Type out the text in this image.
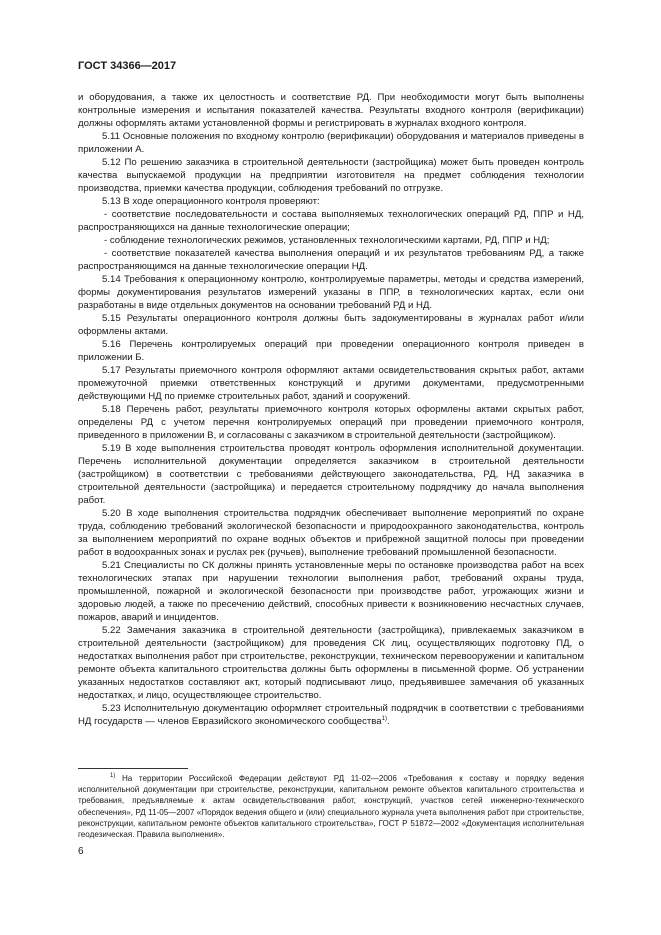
ГОСТ 34366—2017

и оборудования, а также их целостность и соответствие РД. При необходимости могут быть выполнены контрольные измерения и испытания показателей качества. Результаты входного контроля (верификации) должны оформлять актами установленной формы и регистрировать в журналах входного контроля.

5.11 Основные положения по входному контролю (верификации) оборудования и материалов приведены в приложении А.

5.12 По решению заказчика в строительной деятельности (застройщика) может быть проведен контроль качества выпускаемой продукции на предприятии изготовителя на предмет соблюдения технологии производства, приемки качества продукции, соблюдения требований по отгрузке.

5.13 В ходе операционного контроля проверяют:

- соответствие последовательности и состава выполняемых технологических операций РД, ППР и НД, распространяющихся на данные технологические операции;

- соблюдение технологических режимов, установленных технологическими картами, РД, ППР и НД;

- соответствие показателей качества выполнения операций и их результатов требованиям РД, а также распространяющимся на данные технологические операции НД.

5.14 Требования к операционному контролю, контролируемые параметры, методы и средства измерений, формы документирования результатов измерений указаны в ППР, в технологических картах, если они разработаны в виде отдельных документов на основании требований РД и НД.

5.15 Результаты операционного контроля должны быть задокументированы в журналах работ и/или оформлены актами.

5.16 Перечень контролируемых операций при проведении операционного контроля приведен в приложении Б.

5.17 Результаты приемочного контроля оформляют актами освидетельствования скрытых работ, актами промежуточной приемки ответственных конструкций и другими документами, предусмотренными действующими НД по приемке строительных работ, зданий и сооружений.

5.18 Перечень работ, результаты приемочного контроля которых оформлены актами скрытых работ, определены РД с учетом перечня контролируемых операций при проведении приемочного контроля, приведенного в приложении В, и согласованы с заказчиком в строительной деятельности (застройщиком).

5.19 В ходе выполнения строительства проводят контроль оформления исполнительной документации. Перечень исполнительной документации определяется заказчиком в строительной деятельности (застройщиком) в соответствии с требованиями действующего законодательства, РД, НД заказчика в строительной деятельности (застройщика) и передается строительному подрядчику до начала выполнения работ.

5.20 В ходе выполнения строительства подрядчик обеспечивает выполнение мероприятий по охране труда, соблюдению требований экологической безопасности и природоохранного законодательства, контроль за выполнением мероприятий по охране водных объектов и прибрежной защитной полосы при проведении работ в водоохранных зонах и руслах рек (ручьев), выполнение требований промышленной безопасности.

5.21 Специалисты по СК должны принять установленные меры по остановке производства работ на всех технологических этапах при нарушении технологии выполнения работ, требований охраны труда, промышленной, пожарной и экологической безопасности при производстве работ, угрожающих жизни и здоровью людей, а также по пресечению действий, способных привести к возникновению несчастных случаев, пожаров, аварий и инцидентов.

5.22 Замечания заказчика в строительной деятельности (застройщика), привлекаемых заказчиком в строительной деятельности (застройщиком) для проведения СК лиц, осуществляющих подготовку ПД, о недостатках выполнения работ при строительстве, реконструкции, техническом перевооружении и капитальном ремонте объекта капитального строительства должны быть оформлены в письменной форме. Об устранении указанных недостатков составляют акт, который подписывают лицо, предъявившее замечания об указанных недостатках, и лицо, осуществляющее строительство.

5.23 Исполнительную документацию оформляет строительный подрядчик в соответствии с требованиями НД государств — членов Евразийского экономического сообщества$^{1)}$.

$^{1)}$ На территории Российской Федерации действуют РД 11-02—2006 «Требования к составу и порядку ведения исполнительной документации при строительстве, реконструкции, капитальном ремонте объектов капитального строительства и требования, предъявляемые к актам освидетельствования работ, конструкций, участков сетей инженерно-технического обеспечения», РД 11-05—2007 «Порядок ведения общего и (или) специального журнала учета выполнения работ при строительстве, реконструкции, капитальном ремонте объектов капитального строительства», ГОСТ Р 51872—2002 «Документация исполнительная геодезическая. Правила выполнения».
6
